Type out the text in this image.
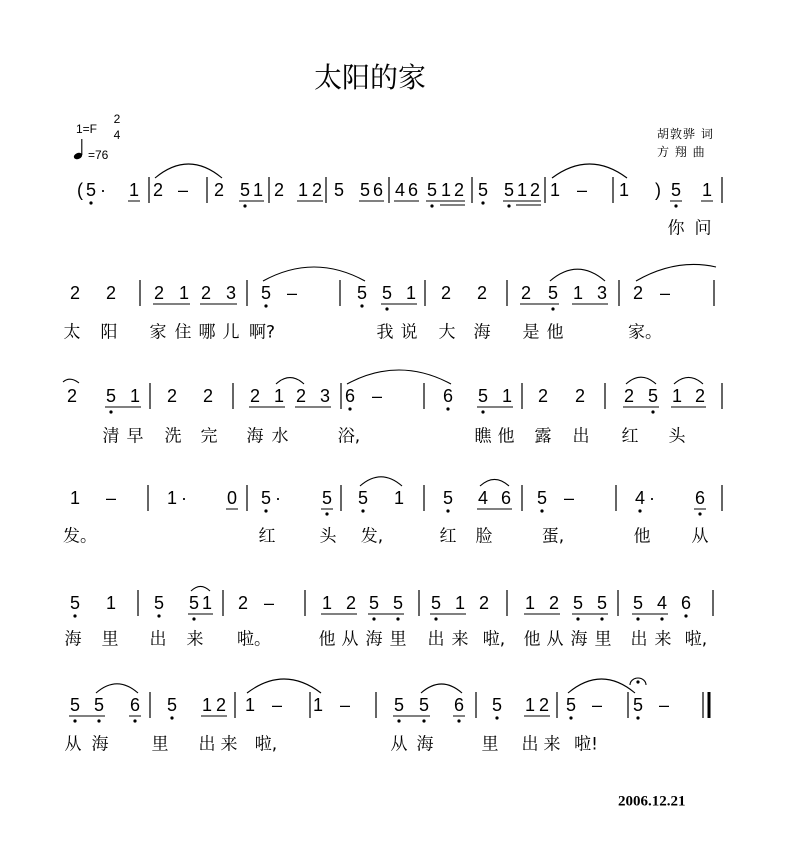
太阳的家
1=F
2
4
=76
胡敦骅 词
方 翔 曲
2006.12.21
( 5 · 1 2 – 2 5 1 2 1 2 5 5 6 4 6 5 1 2 5 5 1 2 1 – 1 ) 5 1
你 问
2 2 2 1 2 3 5 –	5 5 1 2 2 2 5 1 3 2 –
太 阳 家 住 哪 儿 啊?	我 说 大 海 是 他	家。
2 5 1 2 2 2 1 2 3 6 –	6 5 1 2 2 2 5 1 2
清 早 洗 完 海 水	浴,	瞧 他 露 出 红 头
1 –	1 · 0 5 · 5 5 1 5 4 6 5 –	4 · 6
发。	红	头 发,	红 脸	蛋,	他 从
5 1 5 5 1 2 –	1 2 5 5 5 1 2 1 2 5 5 5 4 6
海 里 出 来 啦。	他 从 海 里 出 来 啦, 他 从 海 里 出 来 啦,
5 5 6 5 1 2 1 – 1 – 5 5 6 5 1 2 5 – 5 –
从 海	里 出 来 啦,	从 海	里 出 来 啦!
